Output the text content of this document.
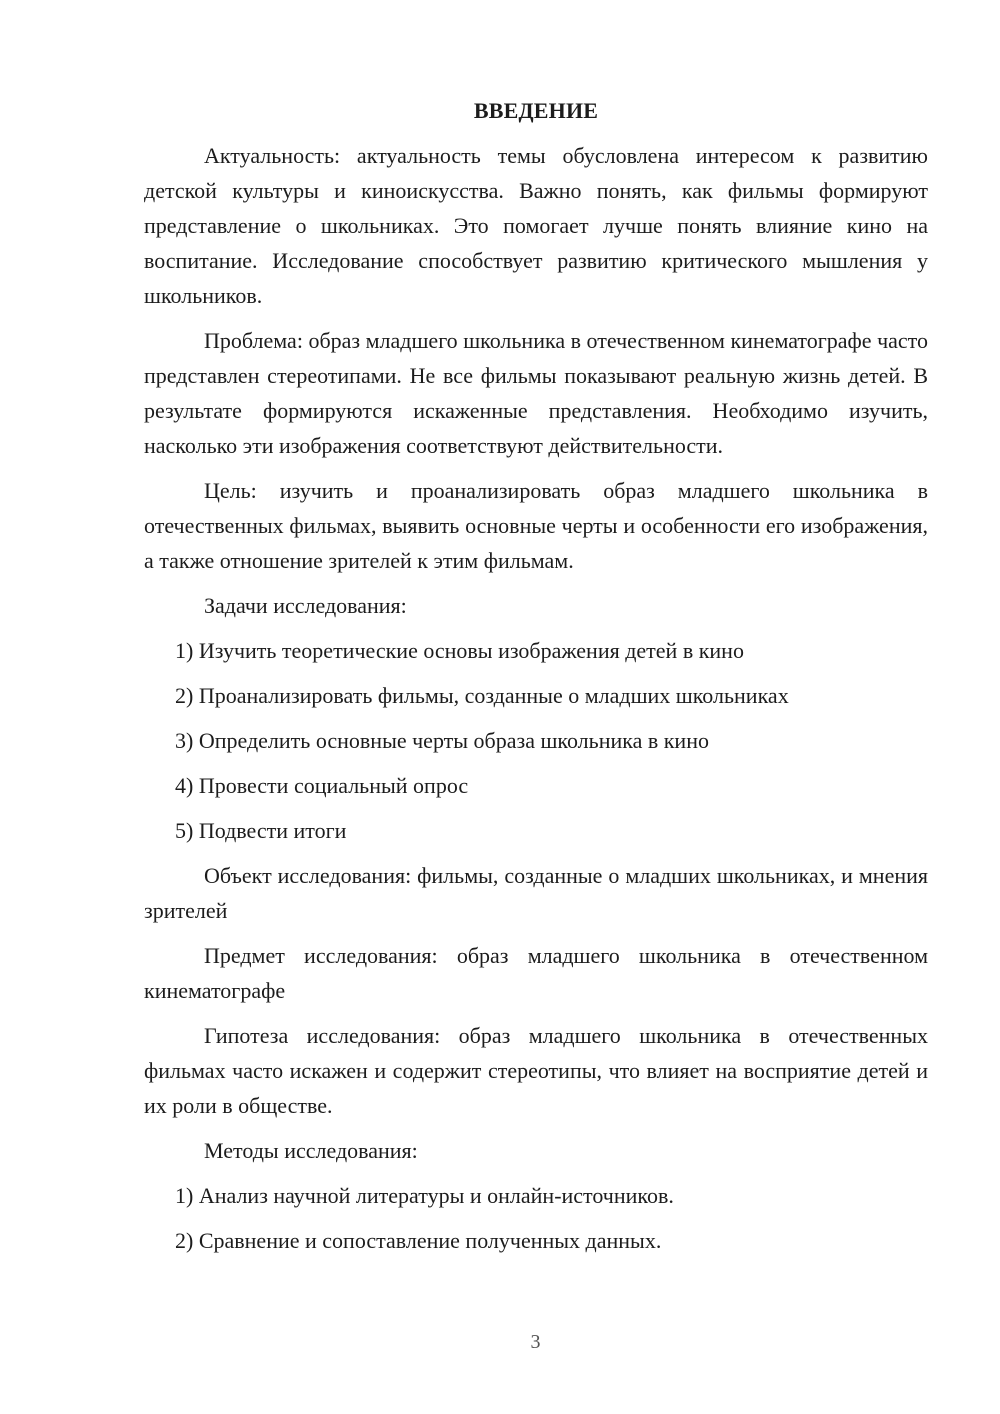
ВВЕДЕНИЕ

Актуальность: актуальность темы обусловлена интересом к развитию детской культуры и киноискусства. Важно понять, как фильмы формируют представление о школьниках. Это помогает лучше понять влияние кино на воспитание. Исследование способствует развитию критического мышления у школьников.

Проблема: образ младшего школьника в отечественном кинематографе часто представлен стереотипами. Не все фильмы показывают реальную жизнь детей. В результате формируются искаженные представления. Необходимо изучить, насколько эти изображения соответствуют действительности.

Цель: изучить и проанализировать образ младшего школьника в отечественных фильмах, выявить основные черты и особенности его изображения, а также отношение зрителей к этим фильмам.

Задачи исследования:
1) Изучить теоретические основы изображения детей в кино
2) Проанализировать фильмы, созданные о младших школьниках
3) Определить основные черты образа школьника в кино
4) Провести социальный опрос
5) Подвести итоги

Объект исследования: фильмы, созданные о младших школьниках, и мнения зрителей

Предмет исследования: образ младшего школьника в отечественном кинематографе

Гипотеза исследования: образ младшего школьника в отечественных фильмах часто искажен и содержит стереотипы, что влияет на восприятие детей и их роли в обществе.

Методы исследования:
1) Анализ научной литературы и онлайн-источников.
2) Сравнение и сопоставление полученных данных.
3
